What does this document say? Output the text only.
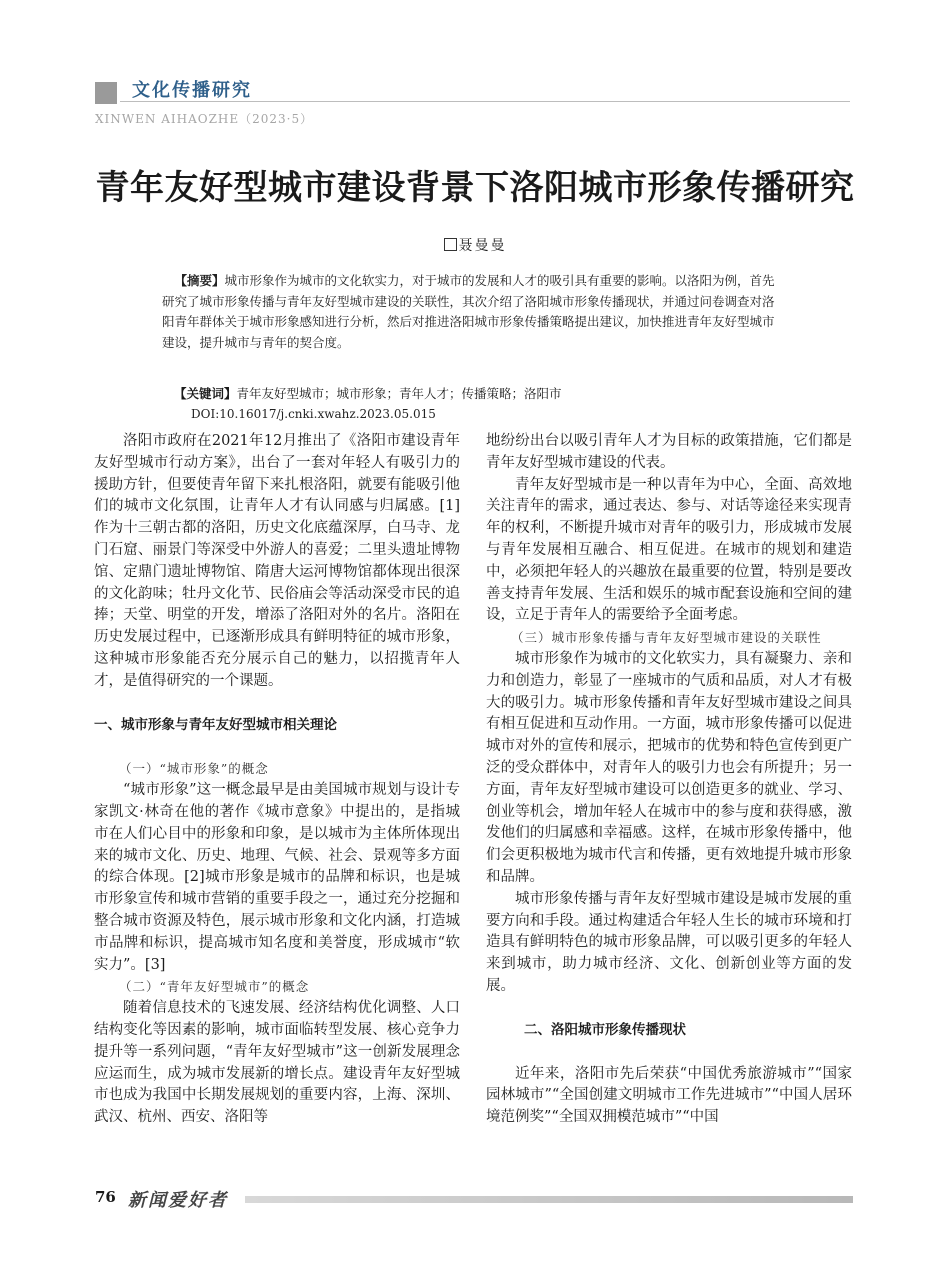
文化传播研究
XINWEN AIHAOZHE（2023·5）
青年友好型城市建设背景下洛阳城市形象传播研究
聂曼曼

【摘要】城市形象作为城市的文化软实力，对于城市的发展和人才的吸引具有重要的影响。以洛阳为例，首先研究了城市形象传播与青年友好型城市建设的关联性，其次介绍了洛阳城市形象传播现状，并通过问卷调查对洛阳青年群体关于城市形象感知进行分析，然后对推进洛阳城市形象传播策略提出建议，加快推进青年友好型城市建设，提升城市与青年的契合度。

【关键词】青年友好型城市；城市形象；青年人才；传播策略；洛阳市
DOI:10.16017/j.cnki.xwahz.2023.05.015

洛阳市政府在2021年12月推出了《洛阳市建设青年友好型城市行动方案》，出台了一套对年轻人有吸引力的援助方针，但要使青年留下来扎根洛阳，就要有能吸引他们的城市文化氛围，让青年人才有认同感与归属感。[1]作为十三朝古都的洛阳，历史文化底蕴深厚，白马寺、龙门石窟、丽景门等深受中外游人的喜爱；二里头遗址博物馆、定鼎门遗址博物馆、隋唐大运河博物馆都体现出很深的文化韵味；牡丹文化节、民俗庙会等活动深受市民的追捧；天堂、明堂的开发，增添了洛阳对外的名片。洛阳在历史发展过程中，已逐渐形成具有鲜明特征的城市形象，这种城市形象能否充分展示自己的魅力，以招揽青年人才，是值得研究的一个课题。

一、城市形象与青年友好型城市相关理论

（一）“城市形象”的概念

“城市形象”这一概念最早是由美国城市规划与设计专家凯文·林奇在他的著作《城市意象》中提出的，是指城市在人们心目中的形象和印象，是以城市为主体所体现出来的城市文化、历史、地理、气候、社会、景观等多方面的综合体现。[2]城市形象是城市的品牌和标识，也是城市形象宣传和城市营销的重要手段之一，通过充分挖掘和整合城市资源及特色，展示城市形象和文化内涵，打造城市品牌和标识，提高城市知名度和美誉度，形成城市“软实力”。[3]

（二）“青年友好型城市”的概念

随着信息技术的飞速发展、经济结构优化调整、人口结构变化等因素的影响，城市面临转型发展、核心竞争力提升等一系列问题，“青年友好型城市”这一创新发展理念应运而生，成为城市发展新的增长点。建设青年友好型城市也成为我国中长期发展规划的重要内容，上海、深圳、武汉、杭州、西安、洛阳等

地纷纷出台以吸引青年人才为目标的政策措施，它们都是青年友好型城市建设的代表。

青年友好型城市是一种以青年为中心，全面、高效地关注青年的需求，通过表达、参与、对话等途径来实现青年的权利，不断提升城市对青年的吸引力，形成城市发展与青年发展相互融合、相互促进。在城市的规划和建造中，必须把年轻人的兴趣放在最重要的位置，特别是要改善支持青年发展、生活和娱乐的城市配套设施和空间的建设，立足于青年人的需要给予全面考虑。

（三）城市形象传播与青年友好型城市建设的关联性

城市形象作为城市的文化软实力，具有凝聚力、亲和力和创造力，彰显了一座城市的气质和品质，对人才有极大的吸引力。城市形象传播和青年友好型城市建设之间具有相互促进和互动作用。一方面，城市形象传播可以促进城市对外的宣传和展示，把城市的优势和特色宣传到更广泛的受众群体中，对青年人的吸引力也会有所提升；另一方面，青年友好型城市建设可以创造更多的就业、学习、创业等机会，增加年轻人在城市中的参与度和获得感，激发他们的归属感和幸福感。这样，在城市形象传播中，他们会更积极地为城市代言和传播，更有效地提升城市形象和品牌。

城市形象传播与青年友好型城市建设是城市发展的重要方向和手段。通过构建适合年轻人生长的城市环境和打造具有鲜明特色的城市形象品牌，可以吸引更多的年轻人来到城市，助力城市经济、文化、创新创业等方面的发展。

二、洛阳城市形象传播现状

近年来，洛阳市先后荣获“中国优秀旅游城市”“国家园林城市”“全国创建文明城市工作先进城市”“中国人居环境范例奖”“全国双拥模范城市”“中国

76 新闻爱好者
